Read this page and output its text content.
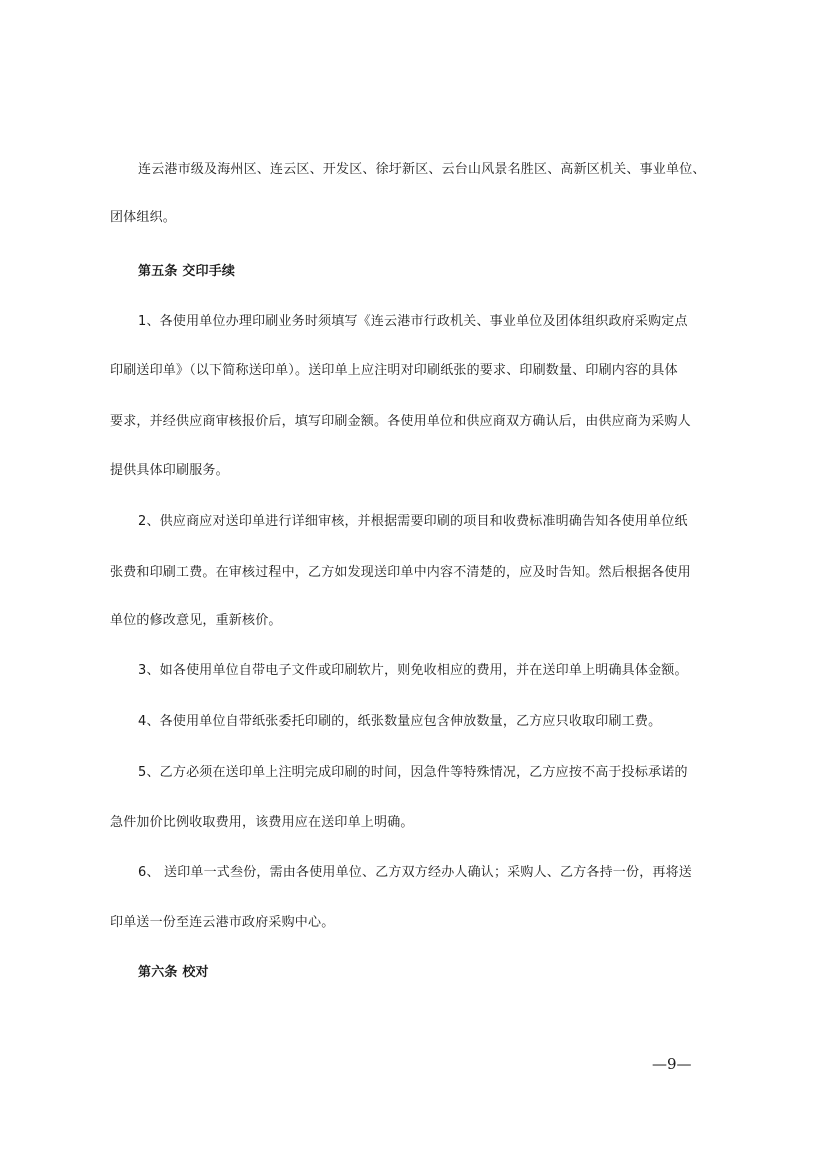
连云港市级及海州区、连云区、开发区、徐圩新区、云台山风景名胜区、高新区机关、事业单位、
团体组织。
第五条 交印手续
1、各使用单位办理印刷业务时须填写《连云港市行政机关、事业单位及团体组织政府采购定点
印刷送印单》（以下简称送印单）。送印单上应注明对印刷纸张的要求、印刷数量、印刷内容的具体
要求，并经供应商审核报价后，填写印刷金额。各使用单位和供应商双方确认后，由供应商为采购人
提供具体印刷服务。
2、供应商应对送印单进行详细审核，并根据需要印刷的项目和收费标准明确告知各使用单位纸
张费和印刷工费。在审核过程中，乙方如发现送印单中内容不清楚的，应及时告知。然后根据各使用
单位的修改意见，重新核价。
3、如各使用单位自带电子文件或印刷软片，则免收相应的费用，并在送印单上明确具体金额。
4、各使用单位自带纸张委托印刷的，纸张数量应包含伸放数量，乙方应只收取印刷工费。
5、乙方必须在送印单上注明完成印刷的时间，因急件等特殊情况，乙方应按不高于投标承诺的
急件加价比例收取费用，该费用应在送印单上明确。
6、 送印单一式叁份，需由各使用单位、乙方双方经办人确认；采购人、乙方各持一份，再将送
印单送一份至连云港市政府采购中心。
第六条 校对
—9—
